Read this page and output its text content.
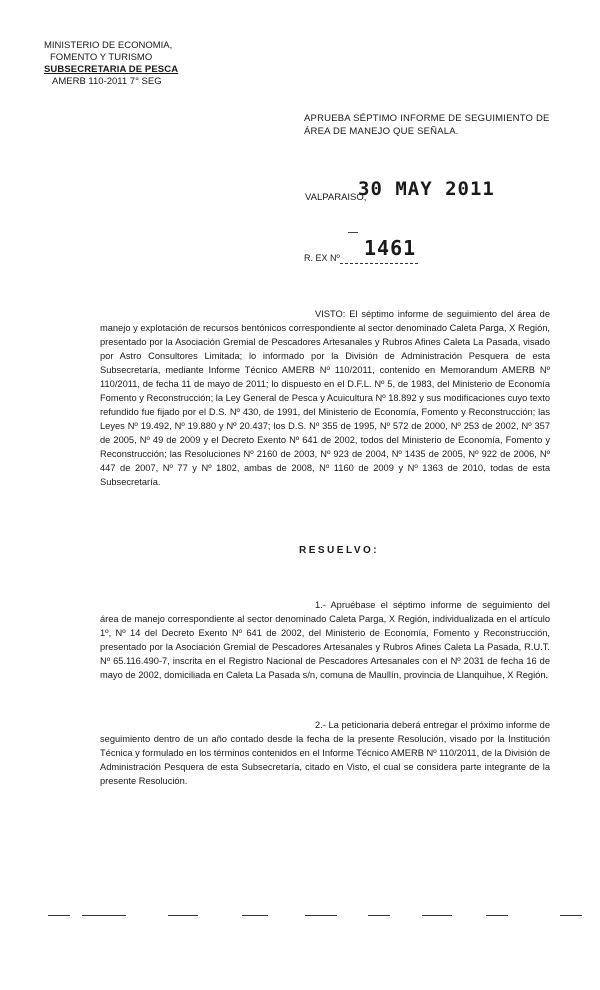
MINISTERIO DE ECONOMIA,
FOMENTO Y TURISMO
SUBSECRETARIA DE PESCA
AMERB 110-2011 7° SEG
APRUEBA SÉPTIMO INFORME DE SEGUIMIENTO DE ÁREA DE MANEJO QUE SEÑALA.
VALPARAISO,
30 MAY 2011
R. EX Nº 1461
VISTO: El séptimo informe de seguimiento del área de manejo y explotación de recursos bentónicos correspondiente al sector denominado Caleta Parga, X Región, presentado por la Asociación Gremial de Pescadores Artesanales y Rubros Afines Caleta La Pasada, visado por Astro Consultores Limitada; lo informado por la División de Administración Pesquera de esta Subsecretaría, mediante Informe Técnico AMERB Nº 110/2011, contenido en Memorandum AMERB Nº 110/2011, de fecha 11 de mayo de 2011; lo dispuesto en el D.F.L. Nº 5, de 1983, del Ministerio de Economía Fomento y Reconstrucción; la Ley General de Pesca y Acuicultura Nº 18.892 y sus modificaciones cuyo texto refundido fue fijado por el D.S. Nº 430, de 1991, del Ministerio de Economía, Fomento y Reconstrucción; las Leyes Nº 19.492, Nº 19.880 y Nº 20.437; los D.S. Nº 355 de 1995, Nº 572 de 2000, Nº 253 de 2002, Nº 357 de 2005, Nº 49 de 2009 y el Decreto Exento Nº 641 de 2002, todos del Ministerio de Economía, Fomento y Reconstrucción; las Resoluciones Nº 2160 de 2003, Nº 923 de 2004, Nº 1435 de 2005, Nº 922 de 2006, Nº 447 de 2007, Nº 77 y Nº 1802, ambas de 2008, Nº 1160 de 2009 y Nº 1363 de 2010, todas de esta Subsecretaría.
RESUELVO:
1.- Apruébase el séptimo informe de seguimiento del área de manejo correspondiente al sector denominado Caleta Parga, X Región, individualizada en el artículo 1º, Nº 14 del Decreto Exento Nº 641 de 2002, del Ministerio de Economía, Fomento y Reconstrucción, presentado por la Asociación Gremial de Pescadores Artesanales y Rubros Afines Caleta La Pasada, R.U.T. Nº 65.116.490-7, inscrita en el Registro Nacional de Pescadores Artesanales con el Nº 2031 de fecha 16 de mayo de 2002, domiciliada en Caleta La Pasada s/n, comuna de Maullín, provincia de Llanquihue, X Región.
2.- La peticionaria deberá entregar el próximo informe de seguimiento dentro de un año contado desde la fecha de la presente Resolución, visado por la Institución Técnica y formulado en los términos contenidos en el Informe Técnico AMERB Nº 110/2011, de la División de Administración Pesquera de esta Subsecretaría, citado en Visto, el cual se considera parte integrante de la presente Resolución.
